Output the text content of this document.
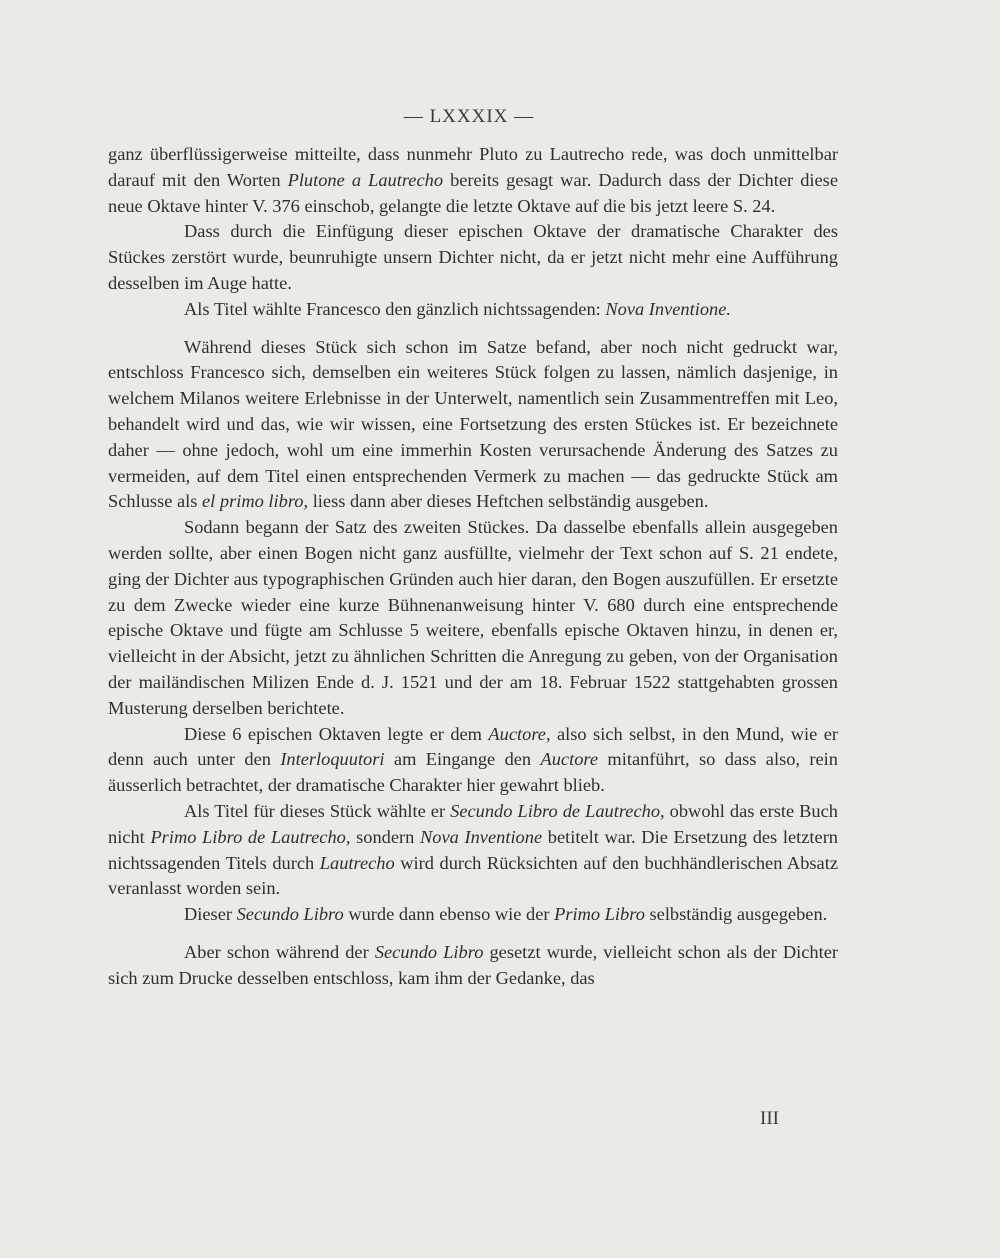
— LXXXIX —

ganz überflüssigerweise mitteilte, dass nunmehr Pluto zu Lautrecho rede, was doch unmittelbar darauf mit den Worten Plutone a Lautrecho bereits gesagt war. Dadurch dass der Dichter diese neue Oktave hinter V. 376 einschob, gelangte die letzte Oktave auf die bis jetzt leere S. 24.

Dass durch die Einfügung dieser epischen Oktave der dramatische Charakter des Stückes zerstört wurde, beunruhigte unsern Dichter nicht, da er jetzt nicht mehr eine Aufführung desselben im Auge hatte.

Als Titel wählte Francesco den gänzlich nichtssagenden: Nova Inventione.

Während dieses Stück sich schon im Satze befand, aber noch nicht gedruckt war, entschloss Francesco sich, demselben ein weiteres Stück folgen zu lassen, nämlich dasjenige, in welchem Milanos weitere Erlebnisse in der Unterwelt, namentlich sein Zusammentreffen mit Leo, behandelt wird und das, wie wir wissen, eine Fortsetzung des ersten Stückes ist. Er bezeichnete daher — ohne jedoch, wohl um eine immerhin Kosten verursachende Änderung des Satzes zu vermeiden, auf dem Titel einen entsprechenden Vermerk zu machen — das gedruckte Stück am Schlusse als el primo libro, liess dann aber dieses Heftchen selbständig ausgeben.

Sodann begann der Satz des zweiten Stückes. Da dasselbe ebenfalls allein ausgegeben werden sollte, aber einen Bogen nicht ganz ausfüllte, vielmehr der Text schon auf S. 21 endete, ging der Dichter aus typographischen Gründen auch hier daran, den Bogen auszufüllen. Er ersetzte zu dem Zwecke wieder eine kurze Bühnenanweisung hinter V. 680 durch eine entsprechende epische Oktave und fügte am Schlusse 5 weitere, ebenfalls epische Oktaven hinzu, in denen er, vielleicht in der Absicht, jetzt zu ähnlichen Schritten die Anregung zu geben, von der Organisation der mailändischen Milizen Ende d. J. 1521 und der am 18. Februar 1522 stattgehabten grossen Musterung derselben berichtete.

Diese 6 epischen Oktaven legte er dem Auctore, also sich selbst, in den Mund, wie er denn auch unter den Interloquutori am Eingange den Auctore mitanführt, so dass also, rein äusserlich betrachtet, der dramatische Charakter hier gewahrt blieb.

Als Titel für dieses Stück wählte er Secundo Libro de Lautrecho, obwohl das erste Buch nicht Primo Libro de Lautrecho, sondern Nova Inventione betitelt war. Die Ersetzung des letztern nichtssagenden Titels durch Lautrecho wird durch Rücksichten auf den buchhändlerischen Absatz veranlasst worden sein.

Dieser Secundo Libro wurde dann ebenso wie der Primo Libro selbständig ausgegeben.

Aber schon während der Secundo Libro gesetzt wurde, vielleicht schon als der Dichter sich zum Drucke desselben entschloss, kam ihm der Gedanke, das

III
